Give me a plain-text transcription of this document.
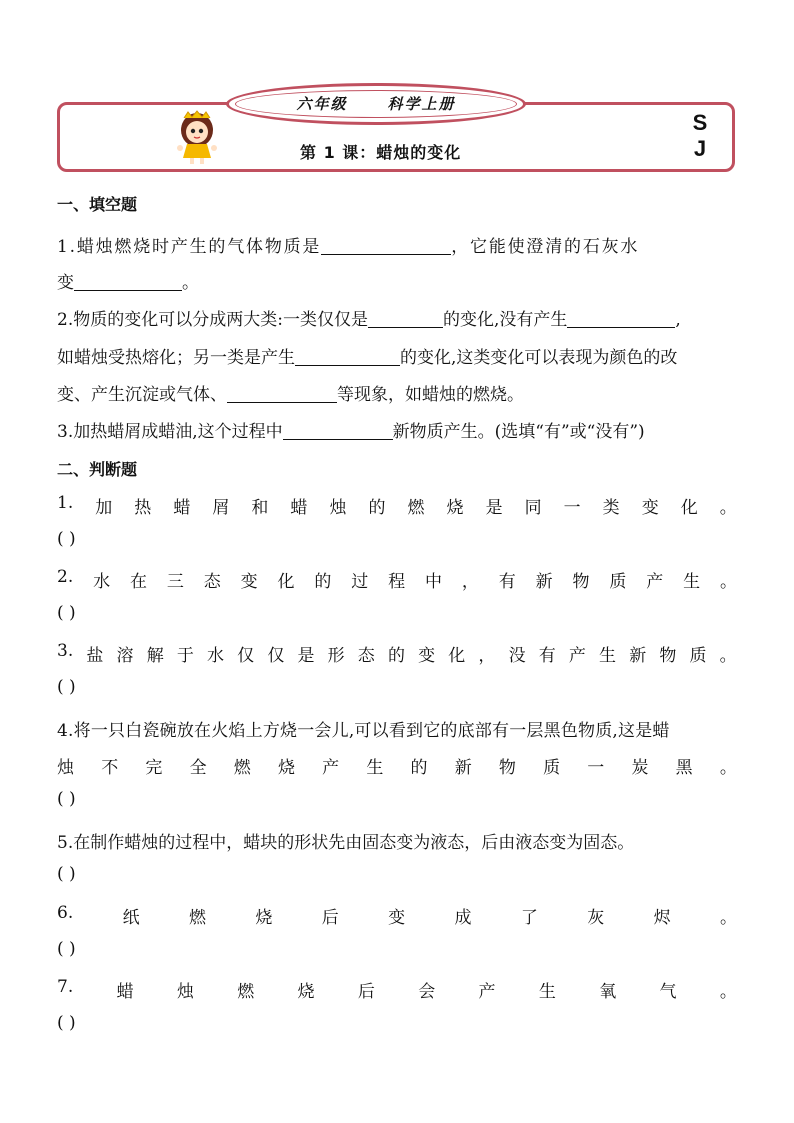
六年级	科学上册
第 1 课：蜡烛的变化
S
J
一、填空题
1.蜡烛燃烧时产生的气体物质是	，它能使澄清的石灰水
变	。
2.物质的变化可以分成两大类:一类仅仅是	的变化,没有产生	,
如蜡烛受热熔化；另一类是产生	的变化,这类变化可以表现为颜色的改
变、产生沉淀或气体、	等现象，如蜡烛的燃烧。
3.加热蜡屑成蜡油,这个过程中	新物质产生。(选填“有”或“没有”)
二、判断题
1. 加 热 蜡 屑 和 蜡 烛 的 燃 烧 是 同 一 类 变 化 。
( )
2. 水 在 三 态 变 化 的 过 程 中 ， 有 新 物 质 产 生 。
( )
3. 盐 溶 解 于 水 仅 仅 是 形 态 的 变 化 ， 没 有 产 生 新 物 质 。
( )
4.将一只白瓷碗放在火焰上方烧一会儿,可以看到它的底部有一层黑色物质,这是蜡
烛 不 完 全 燃 烧 产 生 的 新 物 质 一 炭 黑 。
( )
5.在制作蜡烛的过程中，蜡块的形状先由固态变为液态，后由液态变为固态。
( )
6.	纸	燃	烧	后	变	成	了	灰	烬	。
( )
7.	蜡	烛	燃	烧	后	会	产	生	氧	气	。
( )
